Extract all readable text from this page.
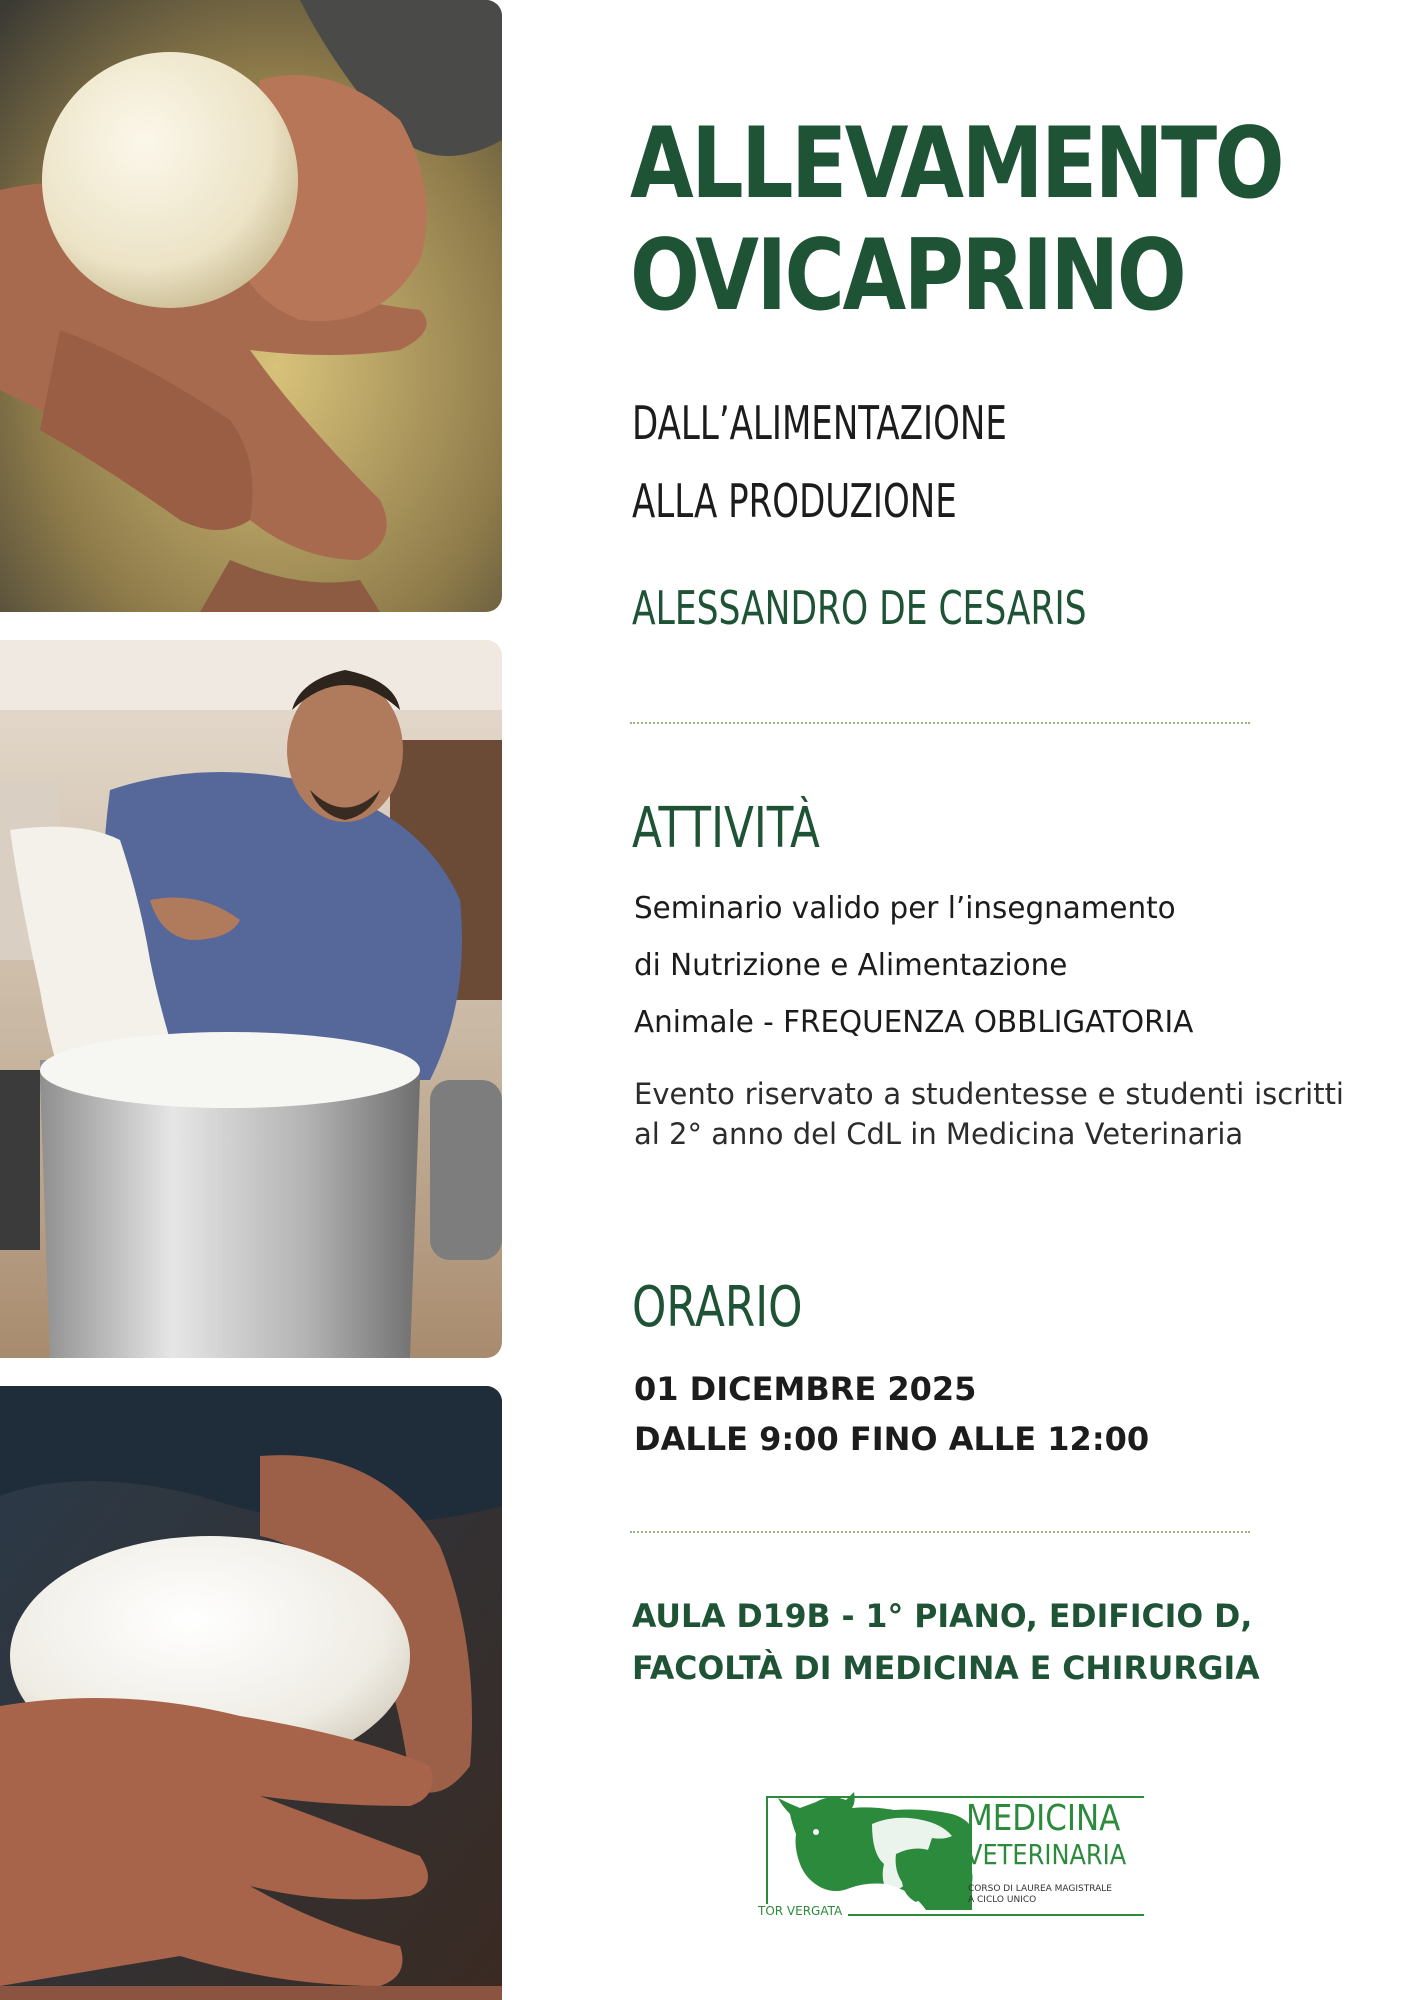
ALLEVAMENTO
OVICAPRINO
DALL’ALIMENTAZIONE
ALLA PRODUZIONE
ALESSANDRO DE CESARIS
ATTIVITÀ
Seminario valido per l’insegnamento
di Nutrizione e Alimentazione
Animale - FREQUENZA OBBLIGATORIA
Evento riservato a studentesse e studenti iscritti al 2° anno del CdL in Medicina Veterinaria
ORARIO
01 DICEMBRE 2025
DALLE 9:00 FINO ALLE 12:00
AULA D19B - 1° PIANO, EDIFICIO D,
FACOLTÀ DI MEDICINA E CHIRURGIA
MEDICINA
VETERINARIA
CORSO DI LAUREA MAGISTRALE
A CICLO UNICO
TOR VERGATA
